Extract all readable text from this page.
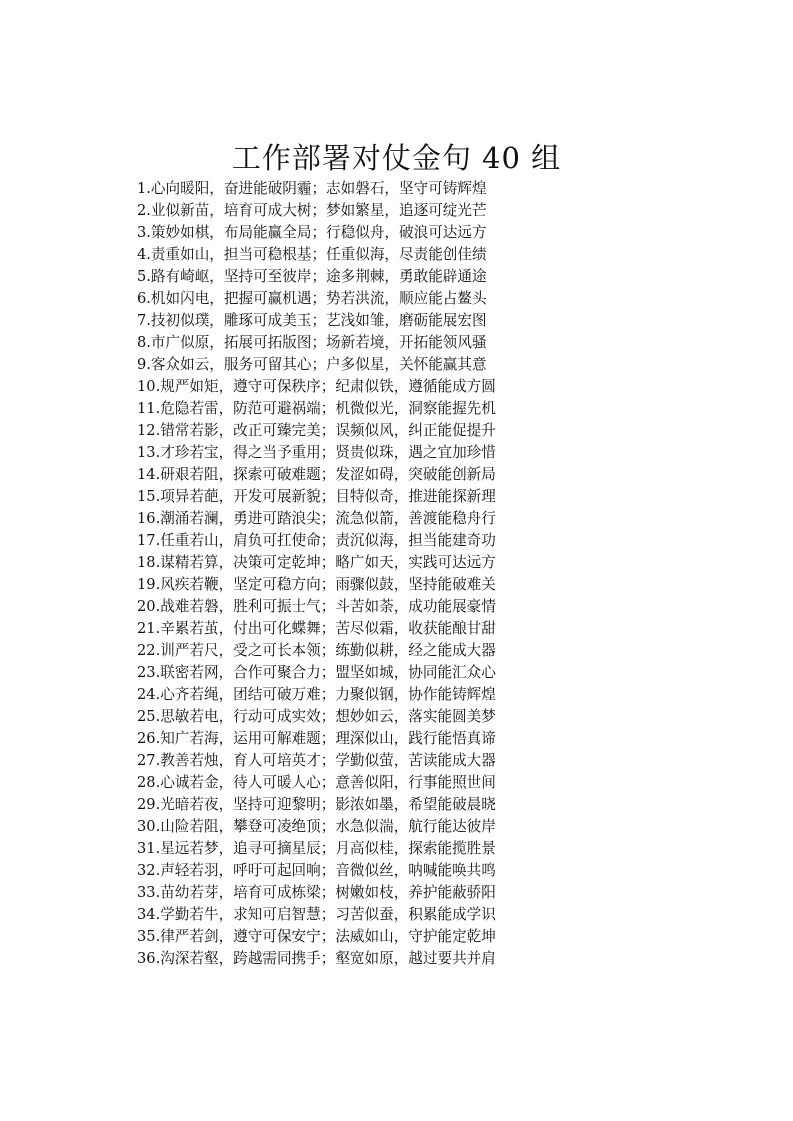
工作部署对仗金句 40 组
1.心向暖阳，奋进能破阴霾；志如磐石，坚守可铸辉煌
2.业似新苗，培育可成大树；梦如繁星，追逐可绽光芒
3.策妙如棋，布局能赢全局；行稳似舟，破浪可达远方
4.责重如山，担当可稳根基；任重似海，尽责能创佳绩
5.路有崎岖，坚持可至彼岸；途多荆棘，勇敢能辟通途
6.机如闪电，把握可赢机遇；势若洪流，顺应能占鳌头
7.技初似璞，雕琢可成美玉；艺浅如雏，磨砺能展宏图
8.市广似原，拓展可拓版图；场新若境，开拓能领风骚
9.客众如云，服务可留其心；户多似星，关怀能赢其意
10.规严如矩，遵守可保秩序；纪肃似铁，遵循能成方圆
11.危隐若雷，防范可避祸端；机微似光，洞察能握先机
12.错常若影，改正可臻完美；误频似风，纠正能促提升
13.才珍若宝，得之当予重用；贤贵似珠，遇之宜加珍惜
14.研艰若阻，探索可破难题；发涩如碍，突破能创新局
15.项异若葩，开发可展新貌；目特似奇，推进能探新理
16.潮涌若澜，勇进可踏浪尖；流急似箭，善渡能稳舟行
17.任重若山，肩负可扛使命；责沉似海，担当能建奇功
18.谋精若算，决策可定乾坤；略广如天，实践可达远方
19.风疾若鞭，坚定可稳方向；雨骤似鼓，坚持能破难关
20.战难若磐，胜利可振士气；斗苦如荼，成功能展豪情
21.辛累若茧，付出可化蝶舞；苦尽似霜，收获能酿甘甜
22.训严若尺，受之可长本领；练勤似耕，经之能成大器
23.联密若网，合作可聚合力；盟坚如城，协同能汇众心
24.心齐若绳，团结可破万难；力聚似钢，协作能铸辉煌
25.思敏若电，行动可成实效；想妙如云，落实能圆美梦
26.知广若海，运用可解难题；理深似山，践行能悟真谛
27.教善若烛，育人可培英才；学勤似萤，苦读能成大器
28.心诚若金，待人可暖人心；意善似阳，行事能照世间
29.光暗若夜，坚持可迎黎明；影浓如墨，希望能破晨晓
30.山险若阻，攀登可凌绝顶；水急似湍，航行能达彼岸
31.星远若梦，追寻可摘星辰；月高似桂，探索能揽胜景
32.声轻若羽，呼吁可起回响；音微似丝，呐喊能唤共鸣
33.苗幼若芽，培育可成栋梁；树嫩如枝，养护能蔽骄阳
34.学勤若牛，求知可启智慧；习苦似蚕，积累能成学识
35.律严若剑，遵守可保安宁；法威如山，守护能定乾坤
36.沟深若壑，跨越需同携手；壑宽如原，越过要共并肩
